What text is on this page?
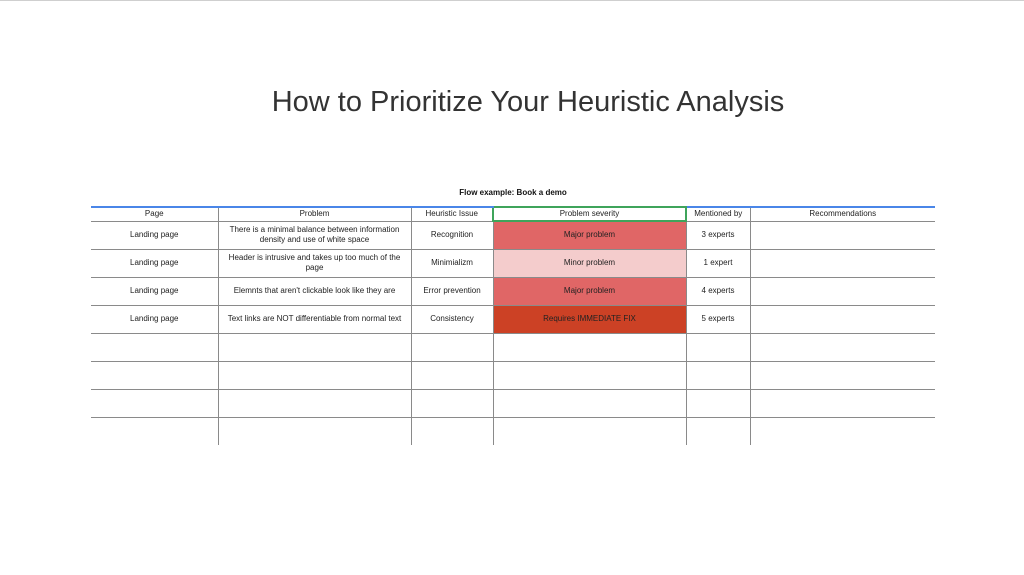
How to Prioritize Your Heuristic Analysis
Flow example: Book a demo
Page	Problem	Heuristic Issue	Problem severity	Mentioned by	Recommendations
Landing page	There is a minimal balance between information density and use of white space	Recognition	Major problem	3 experts	
Landing page	Header is intrusive and takes up too much of the page	Minimializm	Minor problem	1 expert	
Landing page	Elemnts that aren't clickable look like they are	Error prevention	Major problem	4 experts	
Landing page	Text links are NOT differentiable from normal text	Consistency	Requires IMMEDIATE FIX	5 experts	
